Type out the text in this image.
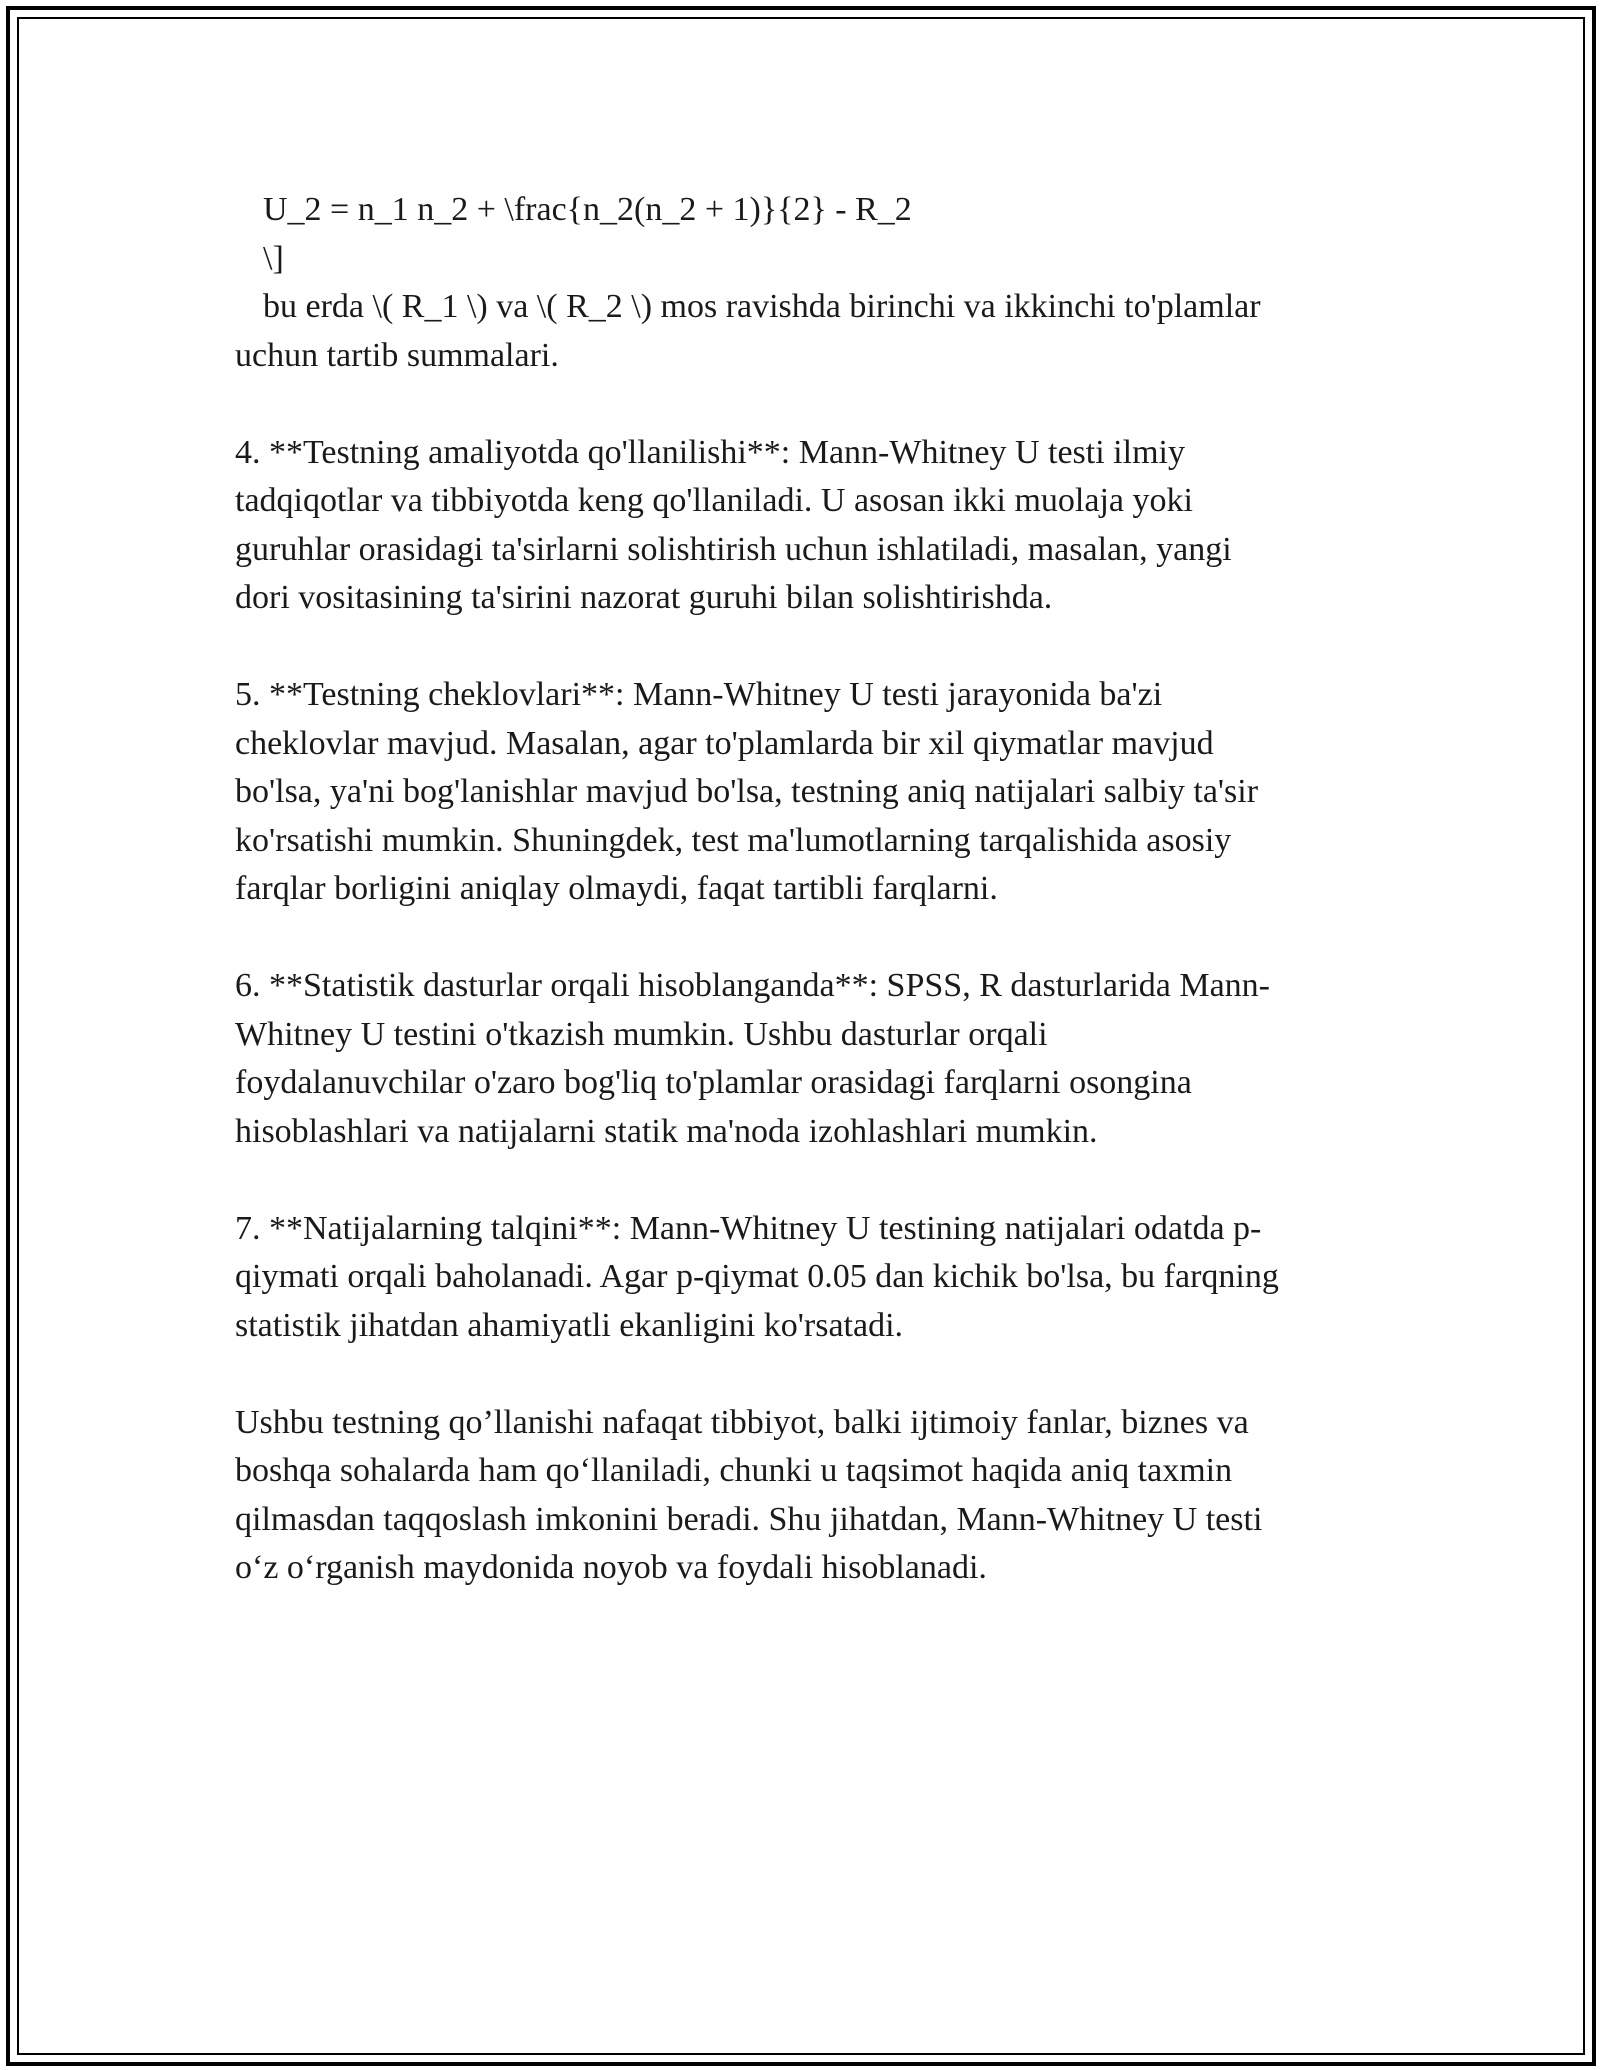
U_2 = n_1 n_2 + \frac{n_2(n_2 + 1)}{2} - R_2

\]

bu erda \( R_1 \) va \( R_2 \) mos ravishda birinchi va ikkinchi to'plamlar

uchun tartib summalari.

4. **Testning amaliyotda qo'llanilishi**: Mann-Whitney U testi ilmiy

tadqiqotlar va tibbiyotda keng qo'llaniladi. U asosan ikki muolaja yoki

guruhlar orasidagi ta'sirlarni solishtirish uchun ishlatiladi, masalan, yangi

dori vositasining ta'sirini nazorat guruhi bilan solishtirishda.

5. **Testning cheklovlari**: Mann-Whitney U testi jarayonida ba'zi

cheklovlar mavjud. Masalan, agar to'plamlarda bir xil qiymatlar mavjud

bo'lsa, ya'ni bog'lanishlar mavjud bo'lsa, testning aniq natijalari salbiy ta'sir

ko'rsatishi mumkin. Shuningdek, test ma'lumotlarning tarqalishida asosiy

farqlar borligini aniqlay olmaydi, faqat tartibli farqlarni.

6. **Statistik dasturlar orqali hisoblanganda**: SPSS, R dasturlarida Mann-

Whitney U testini o'tkazish mumkin. Ushbu dasturlar orqali

foydalanuvchilar o'zaro bog'liq to'plamlar orasidagi farqlarni osongina

hisoblashlari va natijalarni statik ma'noda izohlashlari mumkin.

7. **Natijalarning talqini**: Mann-Whitney U testining natijalari odatda p-

qiymati orqali baholanadi. Agar p-qiymat 0.05 dan kichik bo'lsa, bu farqning

statistik jihatdan ahamiyatli ekanligini ko'rsatadi.

Ushbu testning qo’llanishi nafaqat tibbiyot, balki ijtimoiy fanlar, biznes va

boshqa sohalarda ham qo‘llaniladi, chunki u taqsimot haqida aniq taxmin

qilmasdan taqqoslash imkonini beradi. Shu jihatdan, Mann-Whitney U testi

o‘z o‘rganish maydonida noyob va foydali hisoblanadi.
